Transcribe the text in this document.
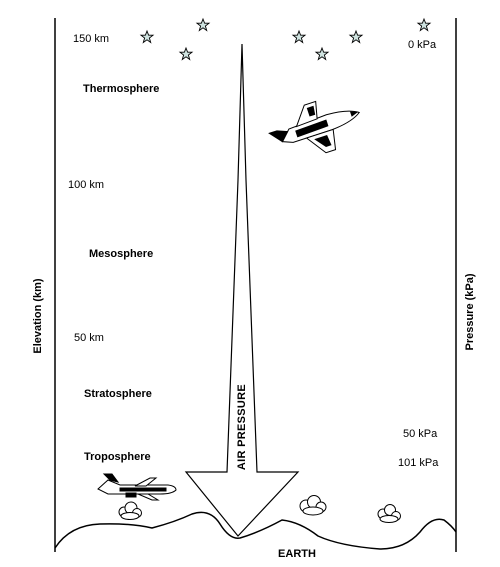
Elevation (km)	Pressure (kPa)
150 km
100 km
50 km
0 kPa
50 kPa
101 kPa
Thermosphere
Mesosphere
Stratosphere
Troposphere	AIR PRESSURE
EARTH
